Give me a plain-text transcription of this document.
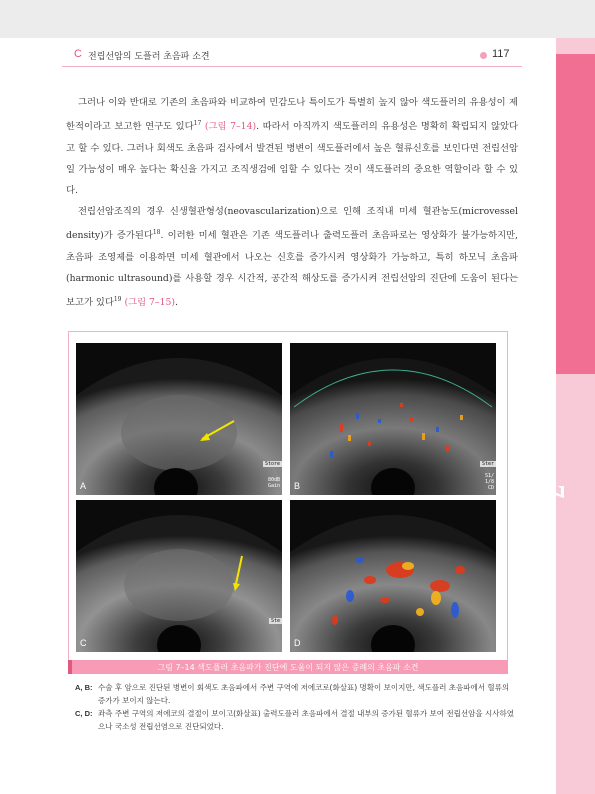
C 전립선암의 도플러 초음파 소견	117
CHAPTER7

그러나 이와 반대로 기존의 초음파와 비교하여 민감도나 특이도가 특별히 높지 않아 색도플러의 유용성이 제한적이라고 보고한 연구도 있다$^{17}$ (그림 7–14). 따라서 아직까지 색도플러의 유용성은 명확히 확립되지 않았다고 할 수 있다. 그러나 회색도 초음파 검사에서 발견된 병변이 색도플러에서 높은 혈류신호를 보인다면 전립선암일 가능성이 매우 높다는 확신을 가지고 조직생검에 임할 수 있다는 것이 색도플러의 중요한 역할이라 할 수 있다.

전립선암조직의 경우 신생혈관형성(neovascularization)으로 인해 조직내 미세 혈관농도(microvessel density)가 증가된다$^{18}$. 이러한 미세 혈관은 기존 색도플러나 출력도플러 초음파로는 영상화가 불가능하지만, 초음파 조영제를 이용하면 미세 혈관에서 나오는 신호를 증가시켜 영상화가 가능하고, 특히 하모닉 초음파(harmonic ultrasound)를 사용할 경우 시간적, 공간적 해상도를 증가시켜 전립선암의 진단에 도움이 된다는 보고가 있다$^{19}$ (그림 7–15).

Store
80dB
Gain
A
Ster
S1/
1/8
CD
B
Ste
C	D
그림 7–14 색도플러 초음파가 진단에 도움이 되지 않은 증례의 초음파 소견
A, B: 수술 후 암으로 진단된 병변이 회색도 초음파에서 주변 구역에 저에코로(화살표) 명확이 보이지만, 색도플러 초음파에서 혈류의 증가가 보이지 않는다.
C, D: 좌측 주변 구역의 저에코의 결절이 보이고(화살표) 출력도플러 초음파에서 결절 내부의 증가된 혈류가 보여 전립선암을 시사하였으나 국소성 전립선염으로 진단되었다.
